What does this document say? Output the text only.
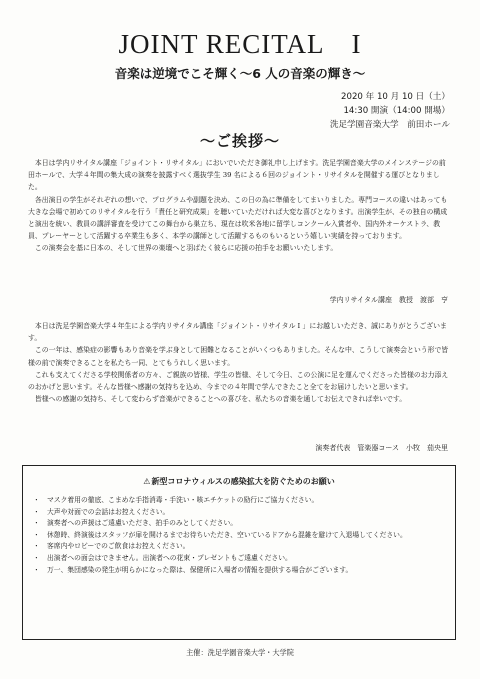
JOINT RECITAL　I
音楽は逆境でこそ輝く～6 人の音楽の輝き～
2020 年 10 月 10 日（土）
14:30 開演（14:00 開場）
洗足学園音楽大学　前田ホール
～ご挨拶～

本日は学内リサイタル講座「ジョイント・リサイタル」においでいただき御礼申し上げます。洗足学園音楽大学のメインステージの前田ホールで、大学４年間の集大成の演奏を披露すべく選抜学生 39 名による６回のジョイント・リサイタルを開催する運びとなりました。

各出演日の学生がそれぞれの想いで、プログラムや副題を決め、この日の為に準備をしてまいりました。専門コースの違いはあっても大きな会場で初めてのリサイタルを行う「責任と研究成果」を聴いていただければ大変な喜びとなります。出演学生が、その独自の構成と演出を統い、教員の講評審査を受けてこの舞台から巣立ち、現在は吹米各地に留学しコンクール入賞者や、国内外オーケストラ、教員、プレーヤーとして活躍する卒業生も多く、本学の講師として活躍するものもいるという嬉しい実績を持っております。

この演奏会を基に日本の、そして世界の楽壇へと羽ばたく彼らに応援の拍手をお願いいたします。

学内リサイタル講座　教授　渡部　亨

本日は洗足学園音楽大学４年生による学内リサイタル講座「ジョイント・リサイタル I 」にお越しいただき、誠にありがとうございます。

この一年は、感染症の影響もあり音楽を学ぶ身として困難となることがいくつもありました。そんな中、こうして演奏会という形で皆様の前で演奏できることを私たち一同、とてもうれしく思います。

これも支えてくださる学校関係者の方々、ご親族の皆様、学生の皆様、そして今日、この公演に足を運んでくださった皆様のお力添えのおかげと思います。そんな皆様へ感謝の気持ちを込め、今までの４年間で学んできたこと全てをお届けしたいと思います。

皆様への感謝の気持ち、そして変わらず音楽ができることへの喜びを、私たちの音楽を通してお伝えできれば幸いです。

演奏者代表　管楽器コース　小牧　茄央里
⚠新型コロナウィルスの感染拡大を防ぐためのお願い
・ マスク着用の徹底、こまめな手指消毒・手洗い・咳エチケットの励行にご協力ください。
・ 大声や対面での会話はお控えください。
・ 演奏者への声援はご遠慮いただき、拍手のみとしてください。
・ 休憩時、終演後はスタッフが扉を開けるまでお待ちいただき、空いているドアから混雑を避けて入退場してください。
・ 客席内やロビーでのご飲食はお控えください。
・ 出演者への面会はできません。出演者への花束・プレゼントもご遠慮ください。
・ 万一、集団感染の発生が明らかになった際は、保健所に入場者の情報を提供する場合がございます。
主催：洗足学園音楽大学・大学院
